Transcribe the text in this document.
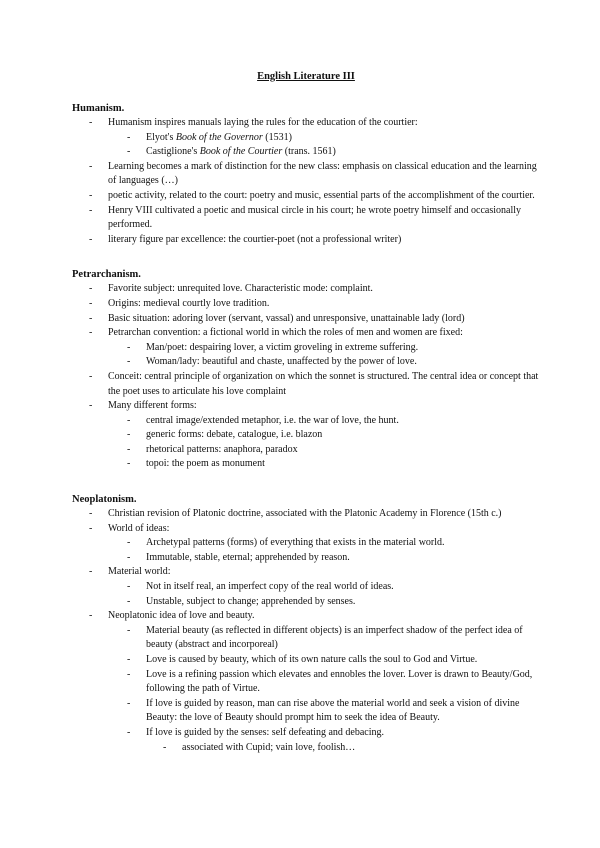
English Literature III
Humanism.
- Humanism inspires manuals laying the rules for the education of the courtier:
- Elyot's Book of the Governor (1531)
- Castiglione's Book of the Courtier (trans. 1561)
- Learning becomes a mark of distinction for the new class: emphasis on classical education and the learning of languages (…)
- poetic activity, related to the court: poetry and music, essential parts of the accomplishment of the courtier.
- Henry VIII cultivated a poetic and musical circle in his court; he wrote poetry himself and occasionally performed.
- literary figure par excellence: the courtier-poet (not a professional writer)
Petrarchanism.
- Favorite subject: unrequited love. Characteristic mode: complaint.
- Origins: medieval courtly love tradition.
- Basic situation: adoring lover (servant, vassal) and unresponsive, unattainable lady (lord)
- Petrarchan convention: a fictional world in which the roles of men and women are fixed:
- Man/poet: despairing lover, a victim groveling in extreme suffering.
- Woman/lady: beautiful and chaste, unaffected by the power of love.
- Conceit: central principle of organization on which the sonnet is structured. The central idea or concept that the poet uses to articulate his love complaint
- Many different forms:
- central image/extended metaphor, i.e. the war of love, the hunt.
- generic forms: debate, catalogue, i.e. blazon
- rhetorical patterns: anaphora, paradox
- topoi: the poem as monument
Neoplatonism.
- Christian revision of Platonic doctrine, associated with the Platonic Academy in Florence (15th c.)
- World of ideas:
- Archetypal patterns (forms) of everything that exists in the material world.
- Immutable, stable, eternal; apprehended by reason.
- Material world:
- Not in itself real, an imperfect copy of the real world of ideas.
- Unstable, subject to change; apprehended by senses.
- Neoplatonic idea of love and beauty.
- Material beauty (as reflected in different objects) is an imperfect shadow of the perfect idea of beauty (abstract and incorporeal)
- Love is caused by beauty, which of its own nature calls the soul to God and Virtue.
- Love is a refining passion which elevates and ennobles the lover. Lover is drawn to Beauty/God, following the path of Virtue.
- If love is guided by reason, man can rise above the material world and seek a vision of divine Beauty: the love of Beauty should prompt him to seek the idea of Beauty.
- If love is guided by the senses: self defeating and debacing.
- associated with Cupid; vain love, foolish…
